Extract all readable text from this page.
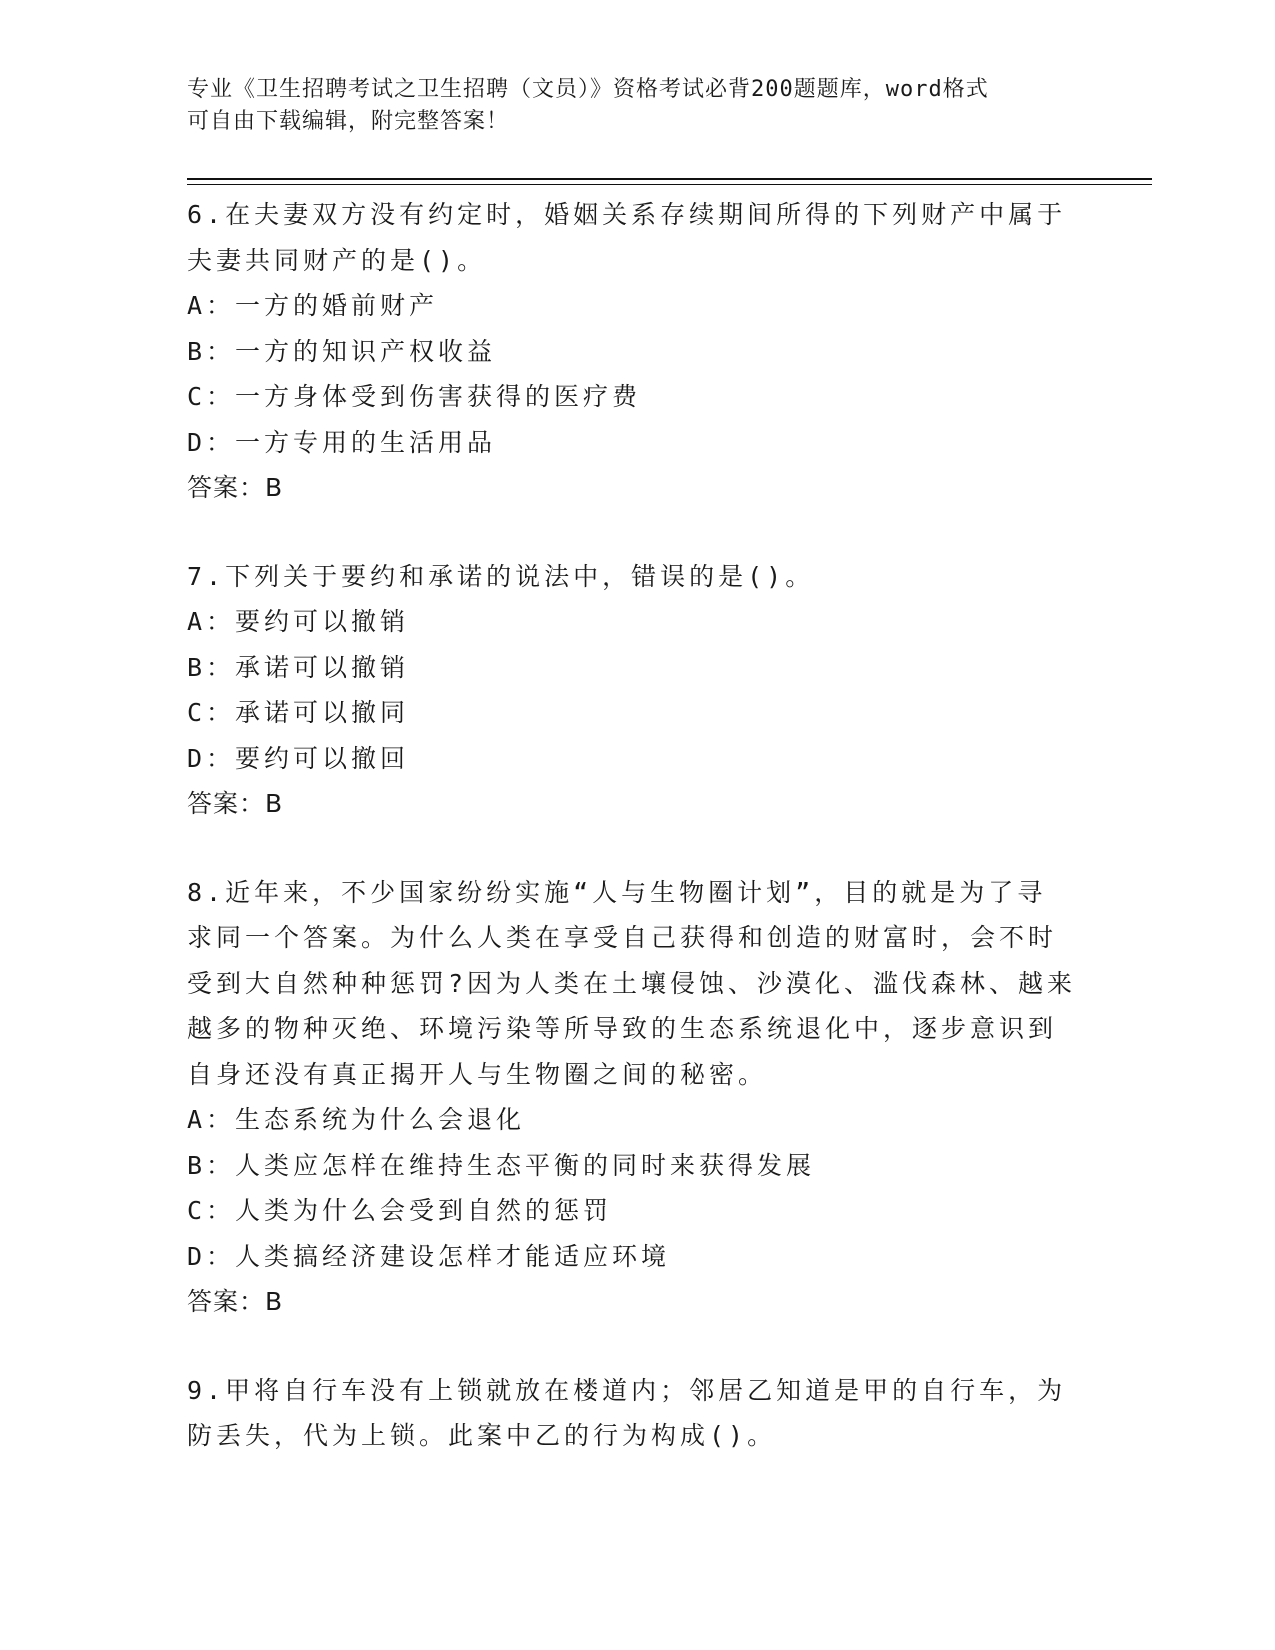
专业《卫生招聘考试之卫生招聘（文员）》资格考试必背200题题库，word格式
可自由下载编辑，附完整答案！
6.在夫妻双方没有约定时，婚姻关系存续期间所得的下列财产中属于
夫妻共同财产的是()。
A：一方的婚前财产
B：一方的知识产权收益
C：一方身体受到伤害获得的医疗费
D：一方专用的生活用品
答案：B
7.下列关于要约和承诺的说法中，错误的是()。
A：要约可以撤销
B：承诺可以撤销
C：承诺可以撤同
D：要约可以撤回
答案：B
8.近年来，不少国家纷纷实施“人与生物圈计划”，目的就是为了寻
求同一个答案。为什么人类在享受自己获得和创造的财富时，会不时
受到大自然种种惩罚?因为人类在土壤侵蚀、沙漠化、滥伐森林、越来
越多的物种灭绝、环境污染等所导致的生态系统退化中，逐步意识到
自身还没有真正揭开人与生物圈之间的秘密。
A：生态系统为什么会退化
B：人类应怎样在维持生态平衡的同时来获得发展
C：人类为什么会受到自然的惩罚
D：人类搞经济建设怎样才能适应环境
答案：B
9.甲将自行车没有上锁就放在楼道内；邻居乙知道是甲的自行车，为
防丢失，代为上锁。此案中乙的行为构成()。
